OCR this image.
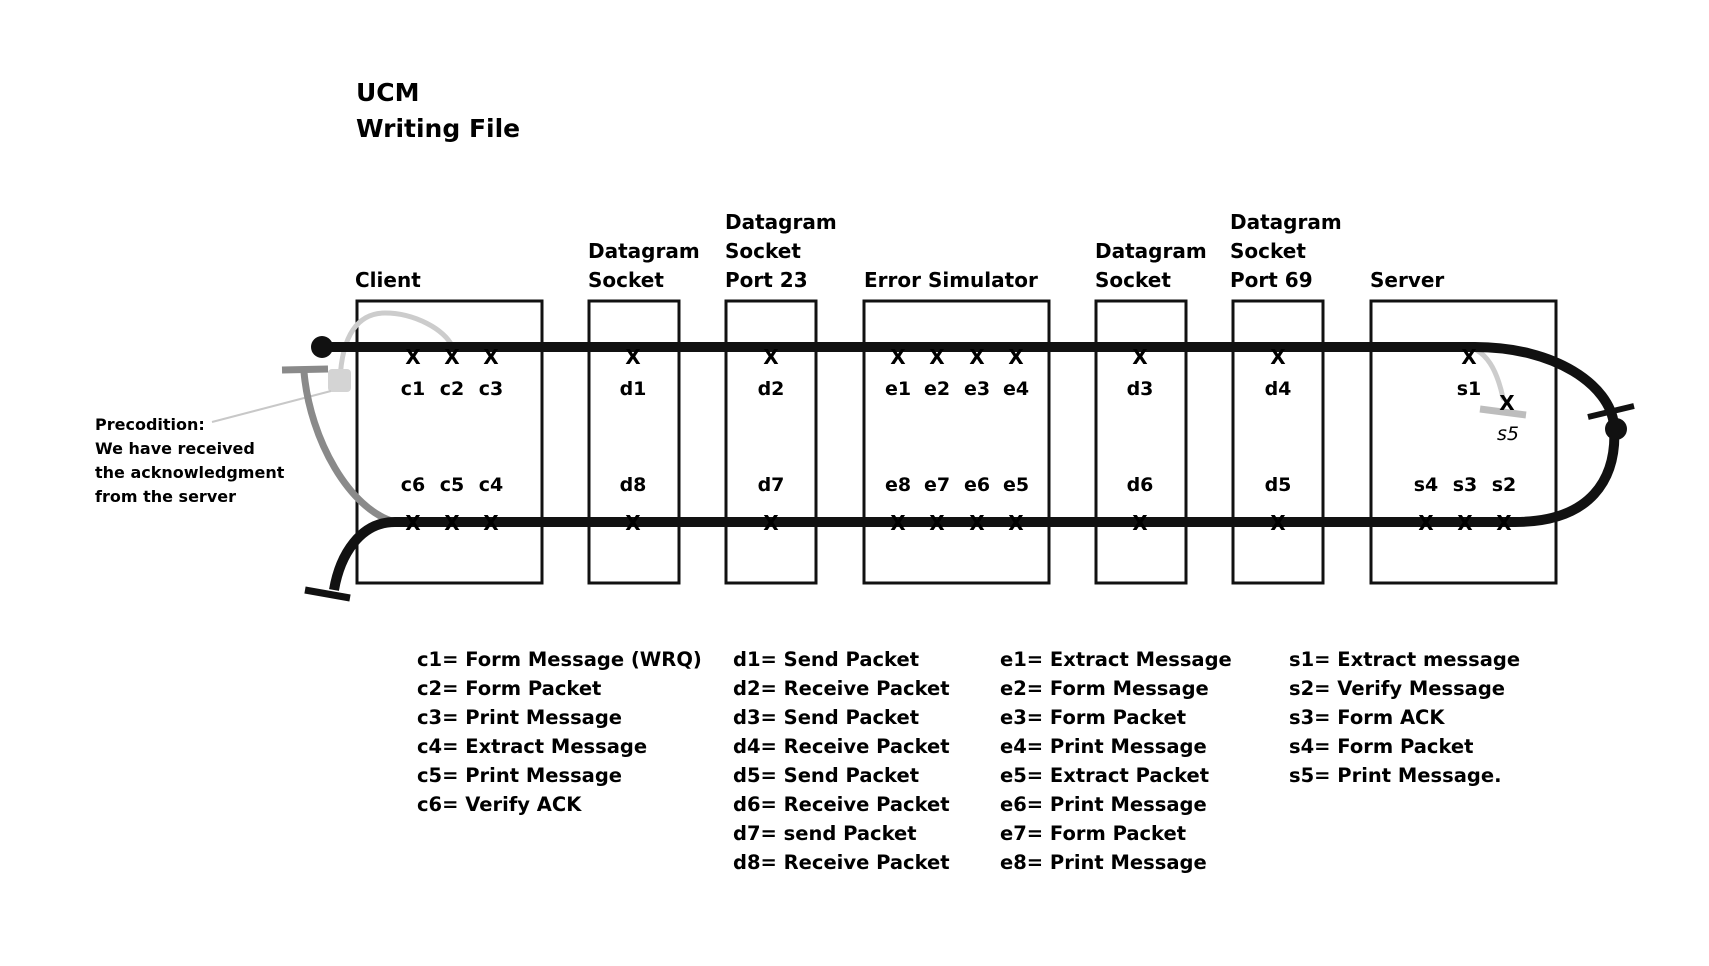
UCM
Writing File
Client
Datagram
Socket
Datagram
Socket
Port 23	Error Simulator
Datagram
Socket
Datagram
Socket
Port 69	Server
X
c1
X
c2
X
c3
X
d1
X
d2
X
e1
X
e2
X
e3
X
e4
X
d3
X
d4
X
s1
c6
X
c5
X
c4
X
d8
X
d7
X
e8
X
e7
X
e6
X
e5
X
d6
X
d5
X
s4
X
s3
X
s2
X
X
s5
Precodition:
We have received
the acknowledgment
from the server
c1= Form Message (WRQ)
c2= Form Packet
c3= Print Message
c4= Extract Message
c5= Print Message
c6= Verify ACK
d1= Send Packet
d2= Receive Packet
d3= Send Packet
d4= Receive Packet
d5= Send Packet
d6= Receive Packet
d7= send Packet
d8= Receive Packet
e1= Extract Message
e2= Form Message
e3= Form Packet
e4= Print Message
e5= Extract Packet
e6= Print Message
e7= Form Packet
e8= Print Message
s1= Extract message
s2= Verify Message
s3= Form ACK
s4= Form Packet
s5= Print Message.
